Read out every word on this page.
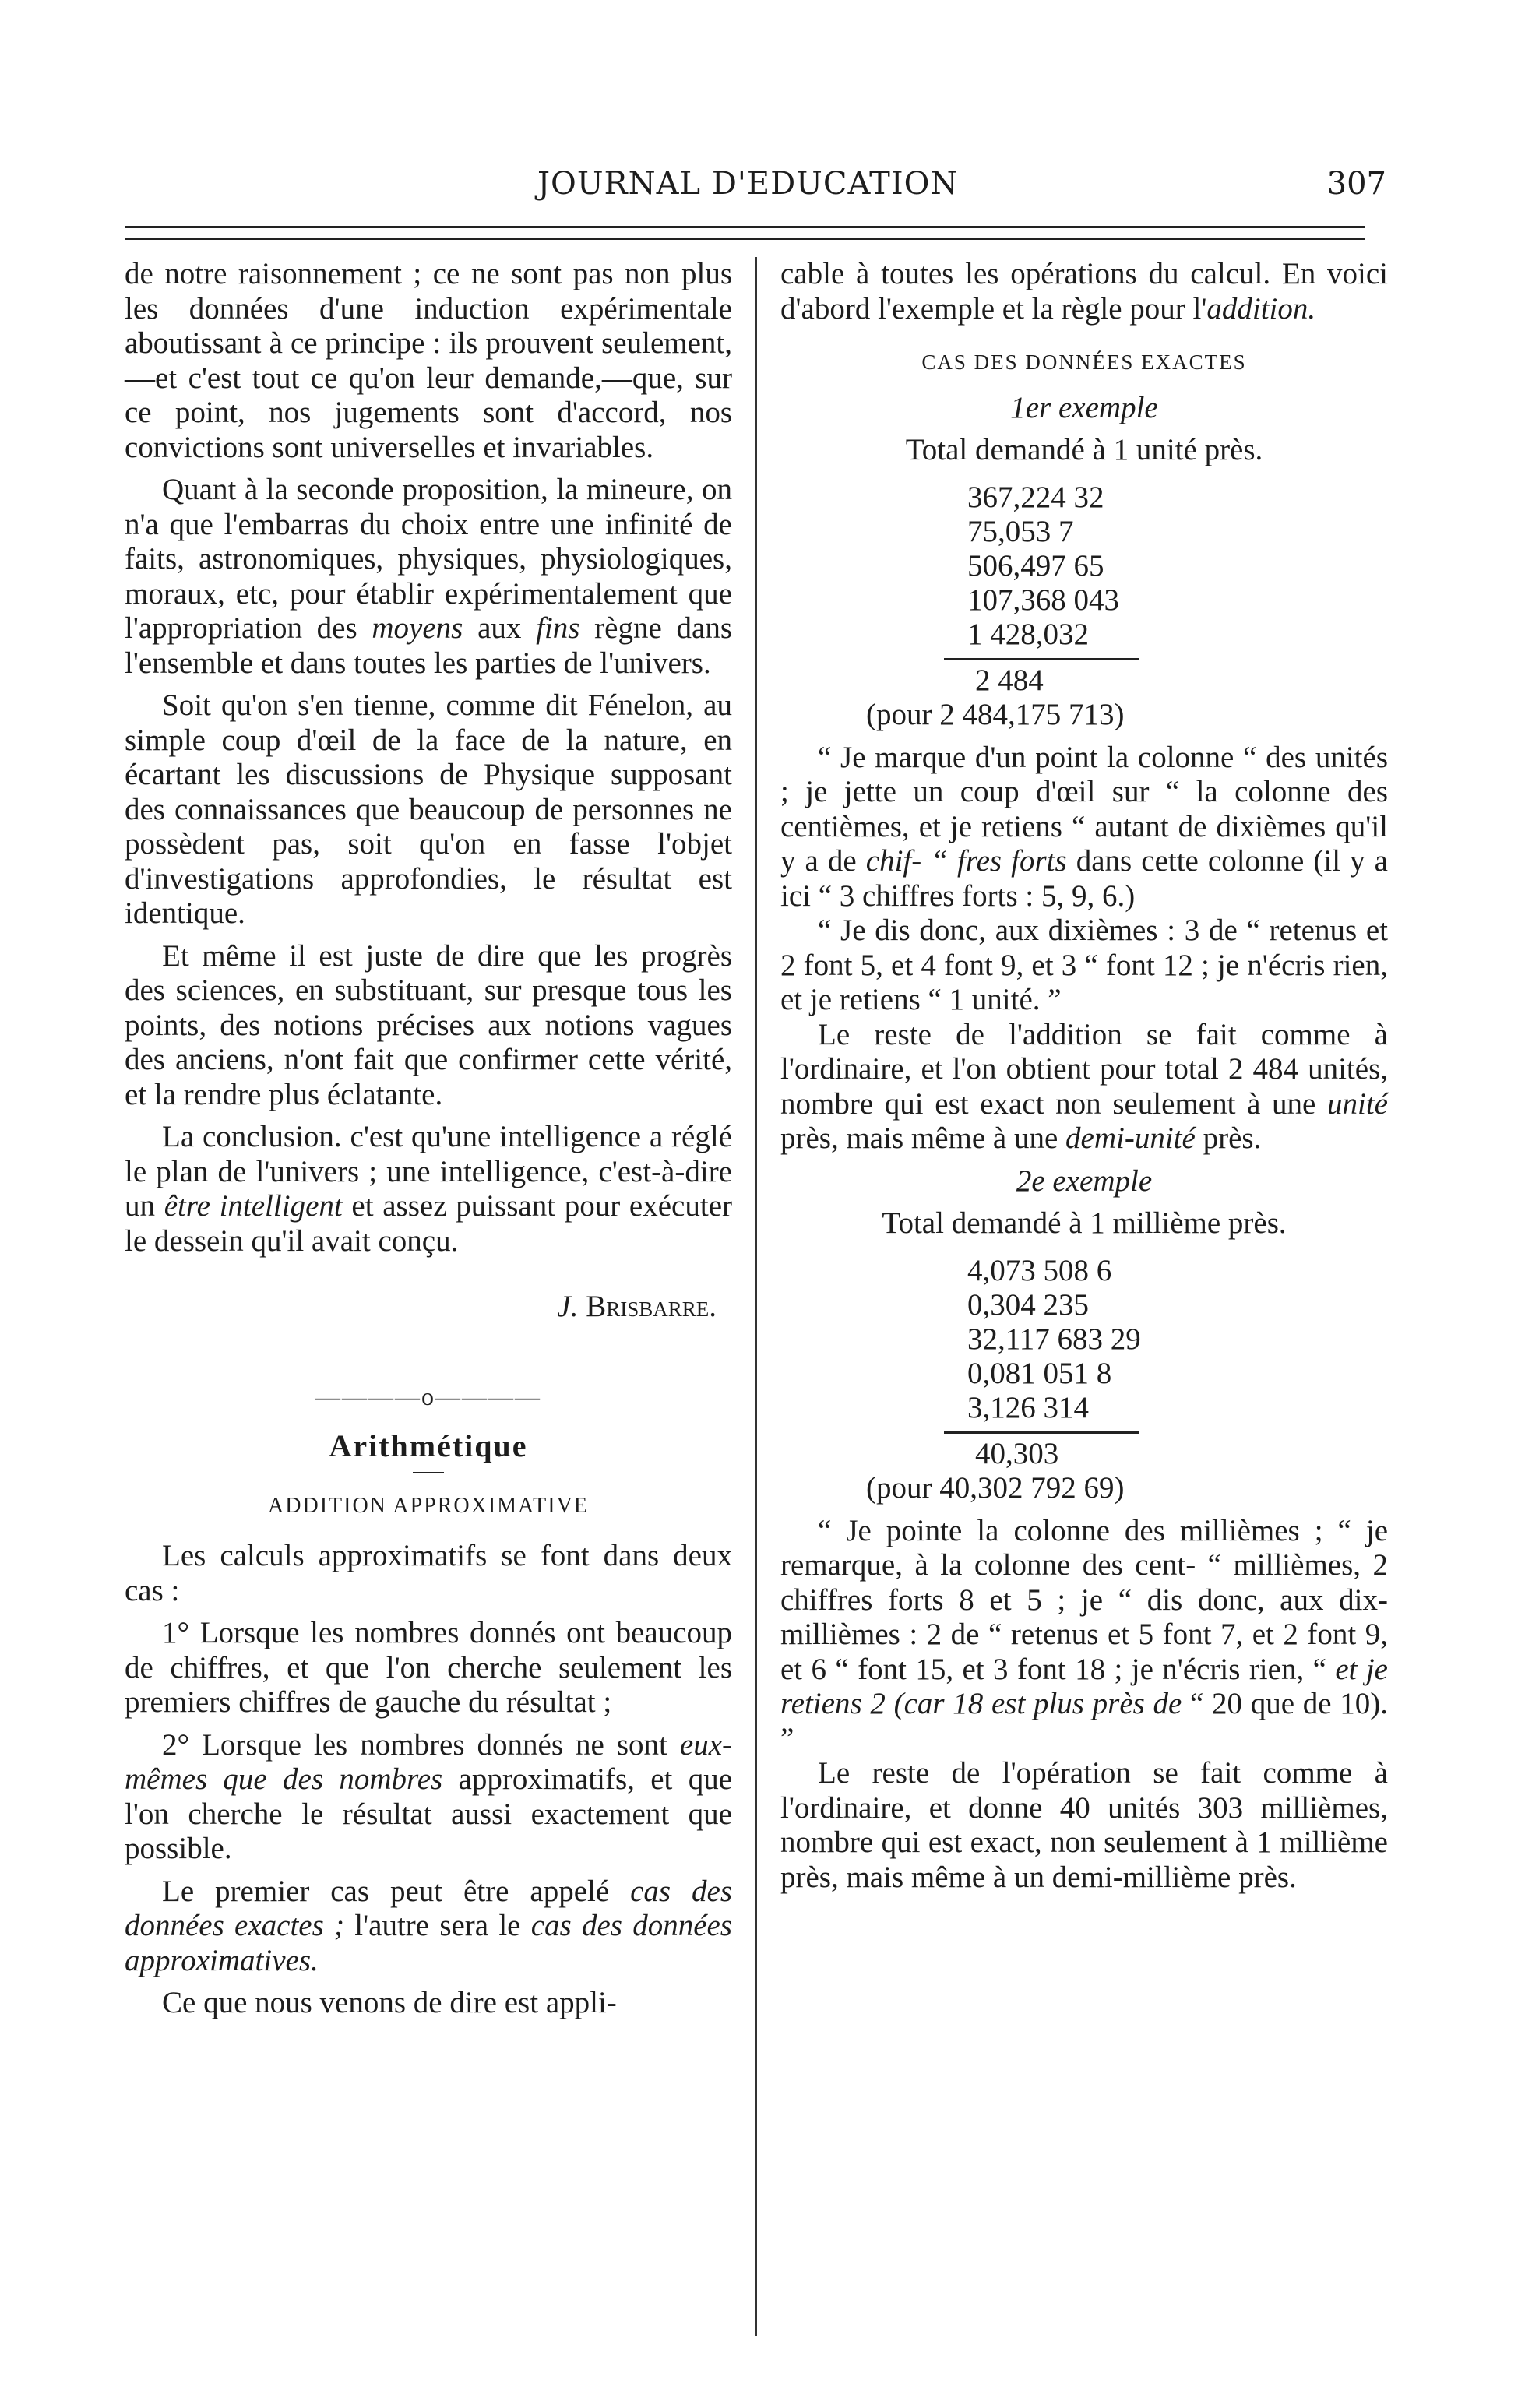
JOURNAL D'EDUCATION	307

de notre raisonnement ; ce ne sont pas non plus les données d'une induction expérimentale aboutissant à ce principe : ils prouvent seulement,—et c'est tout ce qu'on leur demande,—que, sur ce point, nos jugements sont d'accord, nos convictions sont universelles et invariables.

Quant à la seconde proposition, la mineure, on n'a que l'embarras du choix entre une infinité de faits, astronomiques, physiques, physiologiques, moraux, etc, pour établir expérimentalement que l'appropriation des moyens aux fins règne dans l'ensemble et dans toutes les parties de l'univers.

Soit qu'on s'en tienne, comme dit Fénelon, au simple coup d'œil de la face de la nature, en écartant les discussions de Physique supposant des connaissances que beaucoup de personnes ne possèdent pas, soit qu'on en fasse l'objet d'investigations approfondies, le résultat est identique.

Et même il est juste de dire que les progrès des sciences, en substituant, sur presque tous les points, des notions précises aux notions vagues des anciens, n'ont fait que confirmer cette vérité, et la rendre plus éclatante.

La conclusion. c'est qu'une intelligence a réglé le plan de l'univers ; une intelligence, c'est-à-dire un être intelligent et assez puissant pour exécuter le dessein qu'il avait conçu.

J. Brisbarre.
————o————
Arithmétique
ADDITION APPROXIMATIVE

Les calculs approximatifs se font dans deux cas :

1° Lorsque les nombres donnés ont beaucoup de chiffres, et que l'on cherche seulement les premiers chiffres de gauche du résultat ;

2° Lorsque les nombres donnés ne sont eux-mêmes que des nombres approximatifs, et que l'on cherche le résultat aussi exactement que possible.

Le premier cas peut être appelé cas des données exactes ; l'autre sera le cas des données approximatives.

Ce que nous venons de dire est appli-

cable à toutes les opérations du calcul. En voici d'abord l'exemple et la règle pour l'addition.

CAS DES DONNÉES EXACTES
1er exemple
Total demandé à 1 unité près.
367,224 32
75,053 7
506,497 65
107,368 043
1 428,032
2 484
(pour 2 484,175 713)

“ Je marque d'un point la colonne “ des unités ; je jette un coup d'œil sur “ la colonne des centièmes, et je retiens “ autant de dixièmes qu'il y a de chif- “ fres forts dans cette colonne (il y a ici “ 3 chiffres forts : 5, 9, 6.)

“ Je dis donc, aux dixièmes : 3 de “ retenus et 2 font 5, et 4 font 9, et 3 “ font 12 ; je n'écris rien, et je retiens “ 1 unité. ”

Le reste de l'addition se fait comme à l'ordinaire, et l'on obtient pour total 2 484 unités, nombre qui est exact non seulement à une unité près, mais même à une demi-unité près.

2e exemple
Total demandé à 1 millième près.
4,073 508 6
0,304 235
32,117 683 29
0,081 051 8
3,126 314
40,303
(pour 40,302 792 69)

“ Je pointe la colonne des millièmes ; “ je remarque, à la colonne des cent- “ millièmes, 2 chiffres forts 8 et 5 ; je “ dis donc, aux dix-millièmes : 2 de “ retenus et 5 font 7, et 2 font 9, et 6 “ font 15, et 3 font 18 ; je n'écris rien, “ et je retiens 2 (car 18 est plus près de “ 20 que de 10). ”

Le reste de l'opération se fait comme à l'ordinaire, et donne 40 unités 303 millièmes, nombre qui est exact, non seulement à 1 millième près, mais même à un demi-millième près.
